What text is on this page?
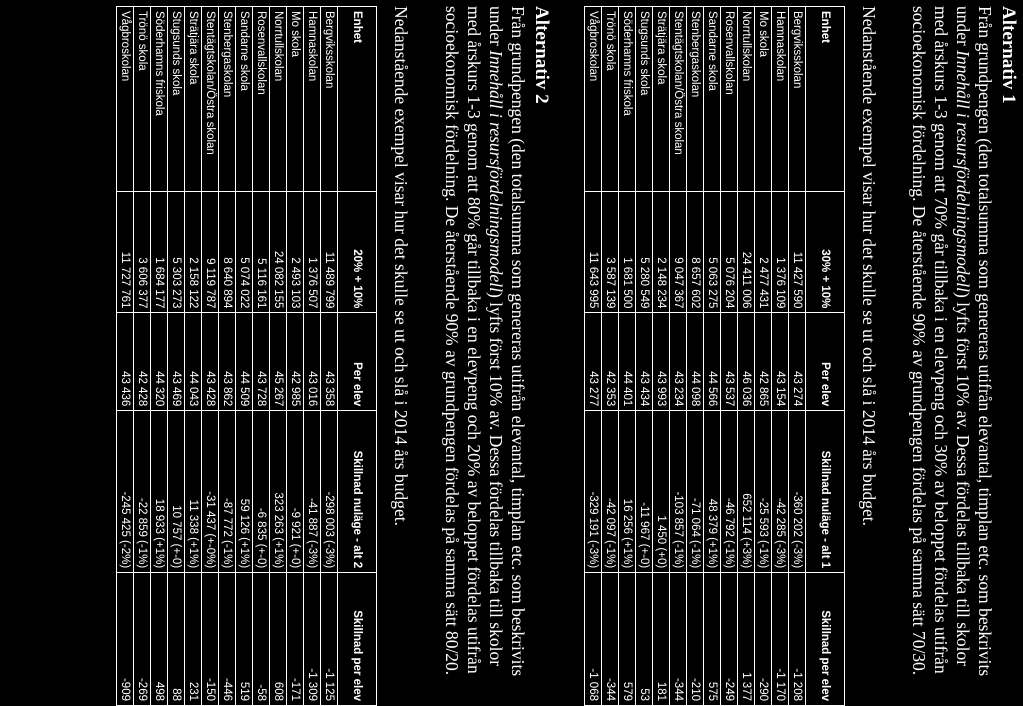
Alternativ 1
Från grundpengen (den totalsumma som genereras utifrån elevantal, timplan etc. som beskrivits under Innehåll i resursfördelningsmodell) lyfts först 10% av. Dessa fördelas tillbaka till skolor med årskurs 1-3 genom att 70% går tillbaka i en elevpeng och 30% av beloppet fördelas utifrån socioekonomisk fördelning. De återstående 90% av grundpengen fördelas på samma sätt 70/30.
Nedanstående exempel visar hur det skulle se ut och slå i 2014 års budget.
Enhet	30% + 10%	Per elev	Skillnad nuläge - alt 1	Skillnad per elev
Bergviksskolan	11 427 590	43 274	-360 202 (-3%)	-1 208
Hamnaskolan	1 376 109	43 154	-42 285 (-3%)	-1 170
Mo skola	2 477 431	42 865	-25 593 (-1%)	-290
Norrtullskolan	24 411 006	46 036	652 114 (+3%)	1 377
Rosenvallskolan	5 076 204	43 537	-46 792 (-1%)	-249
Sandarne skola	5 063 275	44 566	48 379 (+1%)	575
Stenbergaskolan	8 657 602	44 098	-71 064 (-1%)	-210
Stentägtskolan/Östra skolan	9 047 367	43 234	-103 857 (-1%)	-344
Strätjära skola	2 148 234	43 993	1 450 (+0)	181
Stugsunds skola	5 280 549	43 434	-11 967 (+-0)	53
Söderhamns friskola	1 681 500	44 401	16 256 (+1%)	579
Trönö skola	3 587 139	42 353	-42 097 (-1%)	-344
Vågbroskolan	11 643 995	43 277	-329 191 (-3%)	-1 068
Alternativ 2
Från grundpengen (den totalsumma som genereras utifrån elevantal, timplan etc. som beskrivits under Innehåll i resursfördelningsmodell) lyfts först 10% av. Dessa fördelas tillbaka till skolor med årskurs 1-3 genom att 80% går tillbaka i en elevpeng och 20% av beloppet fördelas utifrån socioekonomisk fördelning. De återstående 90% av grundpengen fördelas på samma sätt 80/20.
Nedanstående exempel visar hur det skulle se ut och slå i 2014 års budget.
Enhet	20% + 10%	Per elev	Skillnad nuläge - alt 2	Skillnad per elev
Bergviksskolan	11 489 799	43 358	-298 003 (-3%)	-1 125
Hamnaskolan	1 376 507	43 016	-41 887 (-3%)	-1 309
Mo skola	2 493 103	42 985	-9 921 (+-0)	-171
Norrtullskolan	24 082 155	45 267	323 263 (+1%)	608
Rosenvallskolan	5 116 161	43 728	-6 835 (+-0)	-58
Sandarne skola	5 074 022	44 509	59 126 (+1%)	519
Stenbergaskolan	8 640 894	43 862	-87 772 (-1%)	-446
Stentägtskolan/Östra skolan	9 119 787	43 428	-31 437 (+-0%)	-150
Strätjära skola	2 158 122	44 043	11 338 (+1%)	231
Stugsunds skola	5 303 273	43 469	10 757 (+-0)	88
Söderhamns friskola	1 684 177	44 320	18 933 (+1%)	498
Trönö skola	3 606 377	42 428	-22 859 (-1%)	-269
Vågbroskolan	11 727 761	43 436	-245 425 (-2%)	-909
